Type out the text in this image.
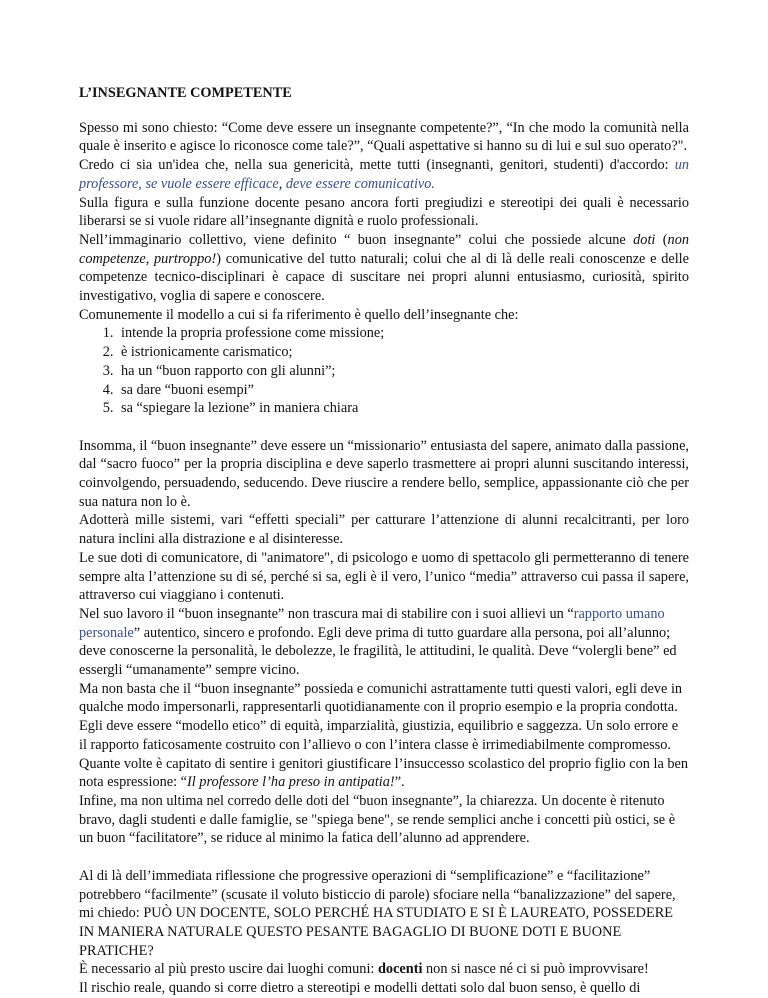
L’INSEGNANTE COMPETENTE

Spesso mi sono chiesto: “Come deve essere un insegnante competente?”, “In che modo la comunità nella quale è inserito e agisce lo riconosce come tale?”, “Quali aspettative si hanno su di lui e sul suo operato?".

Credo ci sia un'idea che, nella sua genericità, mette tutti (insegnanti, genitori, studenti) d'accordo: un professore, se vuole essere efficace, deve essere comunicativo.

Sulla figura e sulla funzione docente pesano ancora forti pregiudizi e stereotipi dei quali è necessario liberarsi se si vuole ridare all’insegnante dignità e ruolo professionali.

Nell’immaginario collettivo, viene definito “ buon insegnante” colui che possiede alcune doti (non competenze, purtroppo!) comunicative del tutto naturali; colui che al di là delle reali conoscenze e delle competenze tecnico-disciplinari è capace di suscitare nei propri alunni entusiasmo, curiosità, spirito investigativo, voglia di sapere e conoscere.

Comunemente il modello a cui si fa riferimento è quello dell’insegnante che:

1. intende la propria professione come missione;
2. è istrionicamente carismatico;
3. ha un “buon rapporto con gli alunni”;
4. sa dare “buoni esempi”
5. sa “spiegare la lezione” in maniera chiara

Insomma, il “buon insegnante” deve essere un “missionario” entusiasta del sapere, animato dalla passione, dal “sacro fuoco” per la propria disciplina e deve saperlo trasmettere ai propri alunni suscitando interessi, coinvolgendo, persuadendo, seducendo. Deve riuscire a rendere bello, semplice, appassionante ciò che per sua natura non lo è.

Adotterà mille sistemi, vari “effetti speciali” per catturare l’attenzione di alunni recalcitranti, per loro natura inclini alla distrazione e al disinteresse.

Le sue doti di comunicatore, di "animatore", di psicologo e uomo di spettacolo gli permetteranno di tenere sempre alta l’attenzione su di sé, perché si sa, egli è il vero, l’unico “media” attraverso cui passa il sapere, attraverso cui viaggiano i contenuti.

Nel suo lavoro il “buon insegnante” non trascura mai di stabilire con i suoi allievi un “rapporto umano personale” autentico, sincero e profondo. Egli deve prima di tutto guardare alla persona, poi all’alunno; deve conoscerne la personalità, le debolezze, le fragilità, le attitudini, le qualità. Deve “volergli bene” ed essergli “umanamente” sempre vicino.

Ma non basta che il “buon insegnante” possieda e comunichi astrattamente tutti questi valori, egli deve in qualche modo impersonarli, rappresentarli quotidianamente con il proprio esempio e la propria condotta. Egli deve essere “modello etico” di equità, imparzialità, giustizia, equilibrio e saggezza. Un solo errore e il rapporto faticosamente costruito con l’allievo o con l’intera classe è irrimediabilmente compromesso. Quante volte è capitato di sentire i genitori giustificare l’insuccesso scolastico del proprio figlio con la ben nota espressione: “Il professore l’ha preso in antipatia!”.

Infine, ma non ultima nel corredo delle doti del “buon insegnante”, la chiarezza. Un docente è ritenuto bravo, dagli studenti e dalle famiglie, se "spiega bene", se rende semplici anche i concetti più ostici, se è un buon “facilitatore”, se riduce al minimo la fatica dell’alunno ad apprendere.

Al di là dell’immediata riflessione che progressive operazioni di “semplificazione” e “facilitazione” potrebbero “facilmente” (scusate il voluto bisticcio di parole) sfociare nella “banalizzazione” del sapere, mi chiedo: PUÒ UN DOCENTE, SOLO PERCHÉ HA STUDIATO E SI È LAUREATO, POSSEDERE IN MANIERA NATURALE QUESTO PESANTE BAGAGLIO DI BUONE DOTI E BUONE PRATICHE?

È necessario al più presto uscire dai luoghi comuni: docenti non si nasce né ci si può improvvisare!

Il rischio reale, quando si corre dietro a stereotipi e modelli dettati solo dal buon senso, è quello di
